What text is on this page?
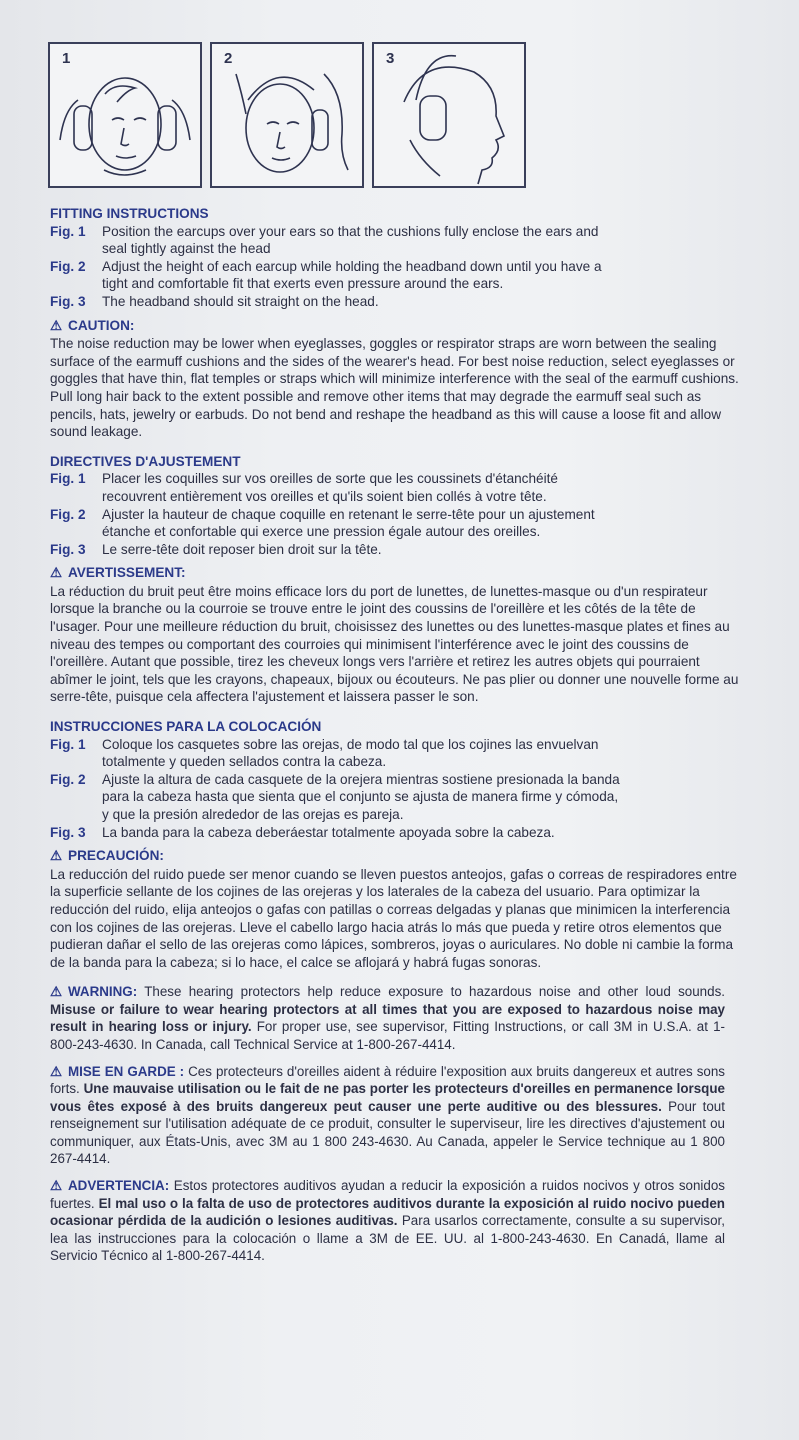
1	2	3
FITTING INSTRUCTIONS
Fig. 1	Position the earcups over your ears so that the cushions fully enclose the ears and seal tightly against the head
Fig. 2	Adjust the height of each earcup while holding the headband down until you have a tight and comfortable fit that exerts even pressure around the ears.
Fig. 3	The headband should sit straight on the head.
⚠ CAUTION:
The noise reduction may be lower when eyeglasses, goggles or respirator straps are worn between the sealing surface of the earmuff cushions and the sides of the wearer's head. For best noise reduction, select eyeglasses or goggles that have thin, flat temples or straps which will minimize interference with the seal of the earmuff cushions. Pull long hair back to the extent possible and remove other items that may degrade the earmuff seal such as pencils, hats, jewelry or earbuds. Do not bend and reshape the headband as this will cause a loose fit and allow sound leakage.
DIRECTIVES D'AJUSTEMENT
Fig. 1	Placer les coquilles sur vos oreilles de sorte que les coussinets d'étanchéité recouvrent entièrement vos oreilles et qu'ils soient bien collés à votre tête.
Fig. 2	Ajuster la hauteur de chaque coquille en retenant le serre-tête pour un ajustement étanche et confortable qui exerce une pression égale autour des oreilles.
Fig. 3	Le serre-tête doit reposer bien droit sur la tête.
⚠ AVERTISSEMENT:
La réduction du bruit peut être moins efficace lors du port de lunettes, de lunettes-masque ou d'un respirateur lorsque la branche ou la courroie se trouve entre le joint des coussins de l'oreillère et les côtés de la tête de l'usager. Pour une meilleure réduction du bruit, choisissez des lunettes ou des lunettes-masque plates et fines au niveau des tempes ou comportant des courroies qui minimisent l'interférence avec le joint des coussins de l'oreillère. Autant que possible, tirez les cheveux longs vers l'arrière et retirez les autres objets qui pourraient abîmer le joint, tels que les crayons, chapeaux, bijoux ou écouteurs. Ne pas plier ou donner une nouvelle forme au serre-tête, puisque cela affectera l'ajustement et laissera passer le son.
INSTRUCCIONES PARA LA COLOCACIÓN
Fig. 1	Coloque los casquetes sobre las orejas, de modo tal que los cojines las envuelvan totalmente y queden sellados contra la cabeza.
Fig. 2	Ajuste la altura de cada casquete de la orejera mientras sostiene presionada la banda para la cabeza hasta que sienta que el conjunto se ajusta de manera firme y cómoda, y que la presión alrededor de las orejas es pareja.
Fig. 3	La banda para la cabeza deberáestar totalmente apoyada sobre la cabeza.
⚠ PRECAUCIÓN:
La reducción del ruido puede ser menor cuando se lleven puestos anteojos, gafas o correas de respiradores entre la superficie sellante de los cojines de las orejeras y los laterales de la cabeza del usuario. Para optimizar la reducción del ruido, elija anteojos o gafas con patillas o correas delgadas y planas que minimicen la interferencia con los cojines de las orejeras. Lleve el cabello largo hacia atrás lo más que pueda y retire otros elementos que pudieran dañar el sello de las orejeras como lápices, sombreros, joyas o auriculares. No doble ni cambie la forma de la banda para la cabeza; si lo hace, el calce se aflojará y habrá fugas sonoras.
⚠ WARNING: These hearing protectors help reduce exposure to hazardous noise and other loud sounds. Misuse or failure to wear hearing protectors at all times that you are exposed to hazardous noise may result in hearing loss or injury. For proper use, see supervisor, Fitting Instructions, or call 3M in U.S.A. at 1-800-243-4630. In Canada, call Technical Service at 1-800-267-4414.
⚠ MISE EN GARDE : Ces protecteurs d'oreilles aident à réduire l'exposition aux bruits dangereux et autres sons forts. Une mauvaise utilisation ou le fait de ne pas porter les protecteurs d'oreilles en permanence lorsque vous êtes exposé à des bruits dangereux peut causer une perte auditive ou des blessures. Pour tout renseignement sur l'utilisation adéquate de ce produit, consulter le superviseur, lire les directives d'ajustement ou communiquer, aux États-Unis, avec 3M au 1 800 243-4630. Au Canada, appeler le Service technique au 1 800 267-4414.
⚠ ADVERTENCIA: Estos protectores auditivos ayudan a reducir la exposición a ruidos nocivos y otros sonidos fuertes. El mal uso o la falta de uso de protectores auditivos durante la exposición al ruido nocivo pueden ocasionar pérdida de la audición o lesiones auditivas. Para usarlos correctamente, consulte a su supervisor, lea las instrucciones para la colocación o llame a 3M de EE. UU. al 1-800-243-4630. En Canadá, llame al Servicio Técnico al 1-800-267-4414.
